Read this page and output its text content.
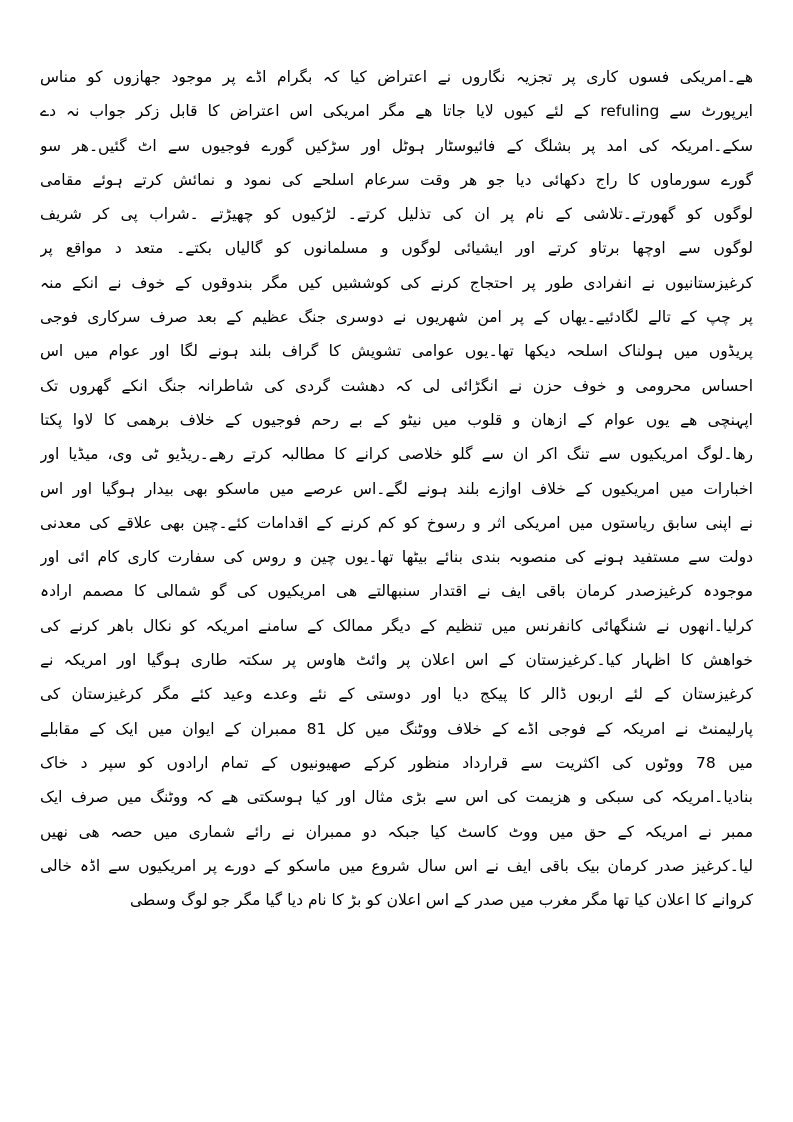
ھے۔امریکی فسوں کاری پر تجزیہ نگاروں نے اعتراض کیا کہ بگرام اڈے پر موجود جھازوں کو مناس
ایرپورٹ سے refuling کے لئے کیوں لایا جاتا ھے مگر امریکی اس اعتراض کا قابل زکر جواب نہ دے
سکے۔امریکہ کی امد پر بشلگ کے فائیوسٹار ہوٹل اور سڑکیں گورے فوجیوں سے اٹ گئیں۔ھر سو
گورے سورماوں کا راج دکھائی دیا جو ھر وقت سرعام اسلحے کی نمود و نمائش کرتے ہوئے مقامی
لوگوں کو گھورتے۔تلاشی کے نام پر ان کی تذلیل کرتے۔ لڑکیوں کو چھیڑتے ۔شراب پی کر شریف
لوگوں سے اوچھا برتاو کرتے اور ایشیائی لوگوں و مسلمانوں کو گالیاں بکتے۔ متعد د مواقع پر
کرغیزستانیوں نے انفرادی طور پر احتجاج کرنے کی کوششیں کیں مگر بندوقوں کے خوف نے انکے منہ
پر چپ کے تالے لگادئیے۔یھاں کے پر امن شھریوں نے دوسری جنگ عظیم کے بعد صرف سرکاری فوجی
پریڈوں میں ہولناک اسلحہ دیکھا تھا۔یوں عوامی تشویش کا گراف بلند ہونے لگا اور عوام میں اس
احساس محرومی و خوف حزن نے انگڑائی لی کہ دھشت گردی کی شاطرانہ جنگ انکے گھروں تک
اپہنچی ھے یوں عوام کے ازھان و قلوب میں نیٹو کے بے رحم فوجیوں کے خلاف برھمی کا لاوا پکتا
رھا۔لوگ امریکیوں سے تنگ اکر ان سے گلو خلاصی کرانے کا مطالبہ کرتے رھے۔ریڈیو ٹی وی، میڈیا اور
اخبارات میں امریکیوں کے خلاف اوازے بلند ہونے لگے۔اس عرصے میں ماسکو بھی بیدار ہوگیا اور اس
نے اپنی سابق ریاستوں میں امریکی اثر و رسوخ کو کم کرنے کے اقدامات کئے۔چین بھی علاقے کی معدنی
دولت سے مستفید ہونے کی منصوبہ بندی بنائے بیٹھا تھا۔یوں چین و روس کی سفارت کاری کام ائی اور
موجودہ کرغیزصدر کرمان باقی ایف نے اقتدار سنبھالتے ھی امریکیوں کی گو شمالی کا مصمم ارادہ
کرلیا۔انھوں نے شنگھائی کانفرنس میں تنظیم کے دیگر ممالک کے سامنے امریکہ کو نکال باھر کرنے کی
خواھش کا اظہار کیا۔کرغیزستان کے اس اعلان پر وائٹ ھاوس پر سکتہ طاری ہوگیا اور امریکہ نے
کرغیزستان کے لئے اربوں ڈالر کا پیکج دیا اور دوستی کے نئے وعدے وعید کئے مگر کرغیزستان کی
پارلیمنٹ نے امریکہ کے فوجی اڈے کے خلاف ووٹنگ میں کل 81 ممبران کے ایوان میں ایک کے مقابلے
میں 78 ووٹوں کی اکثریت سے قرارداد منظور کرکے صھیونیوں کے تمام ارادوں کو سپر د خاک
بنادیا۔امریکہ کی سبکی و ھزیمت کی اس سے بڑی مثال اور کیا ہوسکتی ھے کہ ووٹنگ میں صرف ایک
ممبر نے امریکہ کے حق میں ووٹ کاسٹ کیا جبکہ دو ممبران نے رائے شماری میں حصہ ھی نھیں
لیا۔کرغیز صدر کرمان بیک باقی ایف نے اس سال شروع میں ماسکو کے دورے پر امریکیوں سے اڈہ خالی
کروانے کا اعلان کیا تھا مگر مغرب میں صدر کے اس اعلان کو بڑ کا نام دیا گیا مگر جو لوگ وسطی
